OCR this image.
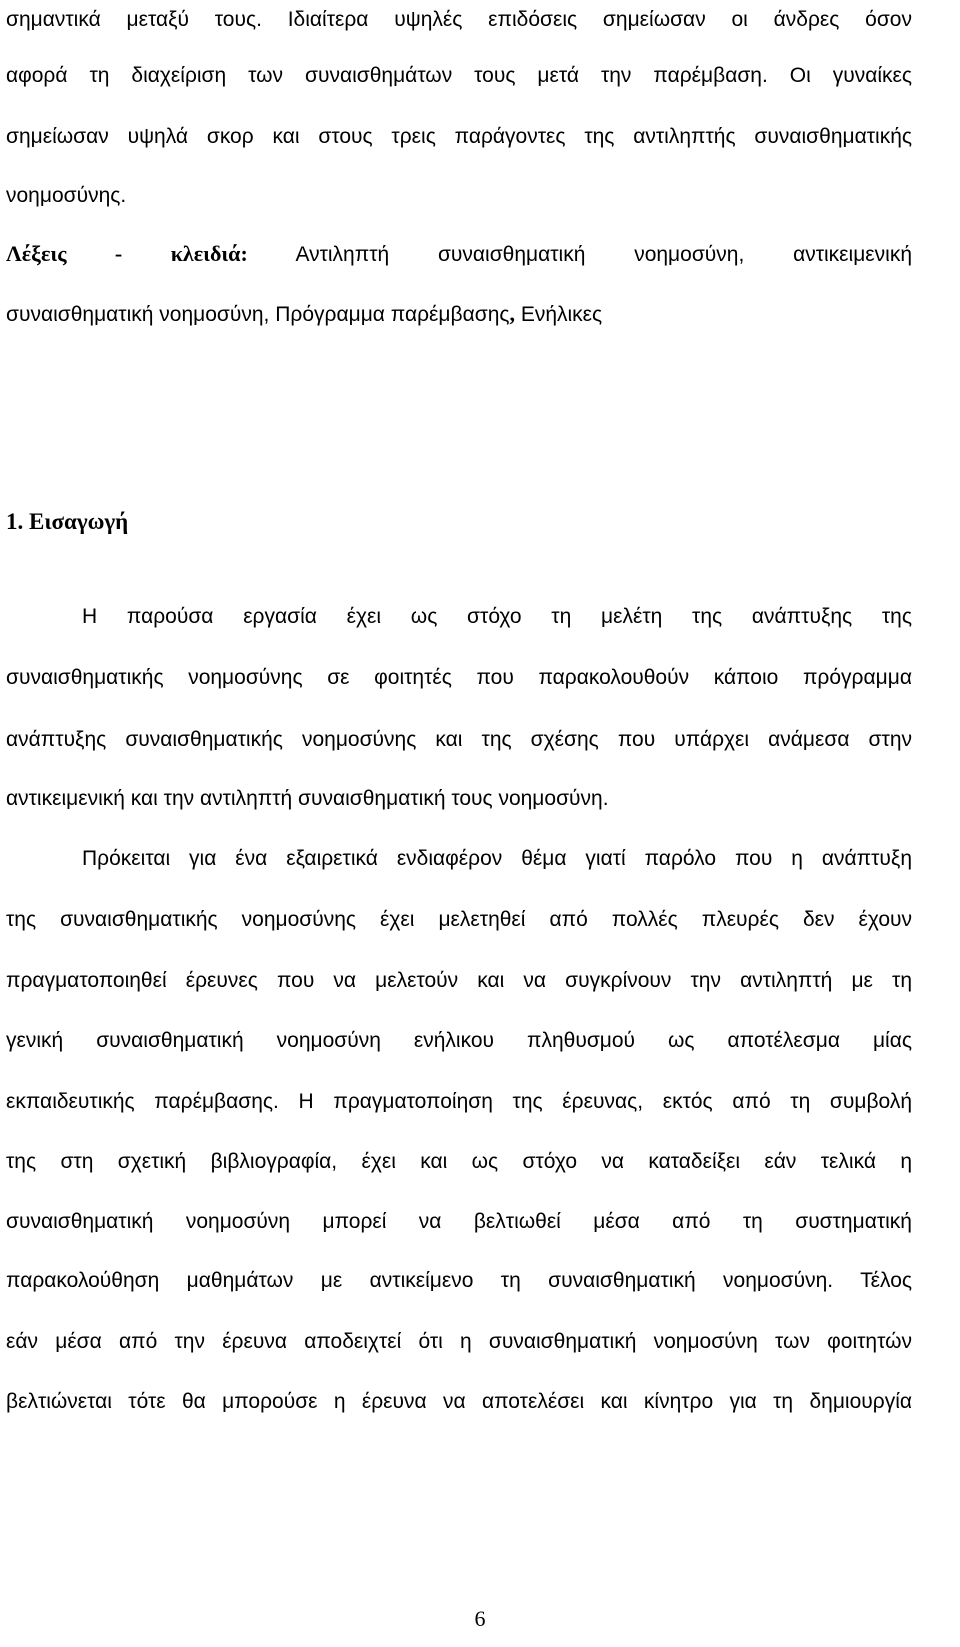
σημαντικά μεταξύ τους. Ιδιαίτερα υψηλές επιδόσεις σημείωσαν οι άνδρες όσον
αφορά τη διαχείριση των συναισθημάτων τους μετά την παρέμβαση. Οι γυναίκες
σημείωσαν υψηλά σκορ και στους τρεις παράγοντες της αντιληπτής συναισθηματικής
νοημοσύνης.
Λέξεις - κλειδιά: Αντιληπτή συναισθηματική νοημοσύνη, αντικειμενική
συναισθηματική νοημοσύνη, Πρόγραμμα παρέμβασης, Ενήλικες
1. Εισαγωγή
Η παρούσα εργασία έχει ως στόχο τη μελέτη της ανάπτυξης της
συναισθηματικής νοημοσύνης σε φοιτητές που παρακολουθούν κάποιο πρόγραμμα
ανάπτυξης συναισθηματικής νοημοσύνης και της σχέσης που υπάρχει ανάμεσα στην
αντικειμενική και την αντιληπτή συναισθηματική τους νοημοσύνη.
Πρόκειται για ένα εξαιρετικά ενδιαφέρον θέμα γιατί παρόλο που η ανάπτυξη
της συναισθηματικής νοημοσύνης έχει μελετηθεί από πολλές πλευρές δεν έχουν
πραγματοποιηθεί έρευνες που να μελετούν και να συγκρίνουν την αντιληπτή με τη
γενική συναισθηματική νοημοσύνη ενήλικου πληθυσμού ως αποτέλεσμα μίας
εκπαιδευτικής παρέμβασης. Η πραγματοποίηση της έρευνας, εκτός από τη συμβολή
της στη σχετική βιβλιογραφία, έχει και ως στόχο να καταδείξει εάν τελικά η
συναισθηματική νοημοσύνη μπορεί να βελτιωθεί μέσα από τη συστηματική
παρακολούθηση μαθημάτων με αντικείμενο τη συναισθηματική νοημοσύνη. Τέλος
εάν μέσα από την έρευνα αποδειχτεί ότι η συναισθηματική νοημοσύνη των φοιτητών
βελτιώνεται τότε θα μπορούσε η έρευνα να αποτελέσει και κίνητρο για τη δημιουργία
6
